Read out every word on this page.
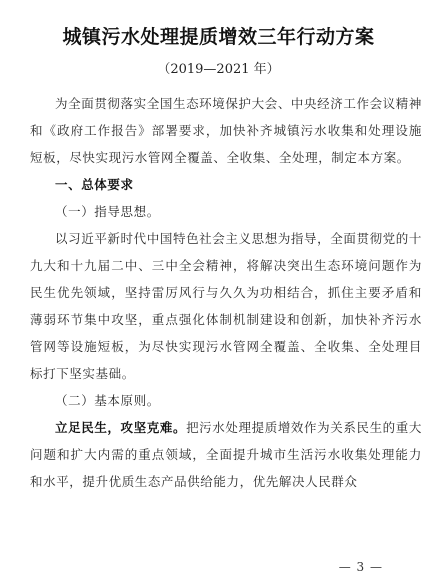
城镇污水处理提质增效三年行动方案
（2019—2021 年）

为全面贯彻落实全国生态环境保护大会、中央经济工作会议精神和《政府工作报告》部署要求，加快补齐城镇污水收集和处理设施短板，尽快实现污水管网全覆盖、全收集、全处理，制定本方案。

一、总体要求

（一）指导思想。

以习近平新时代中国特色社会主义思想为指导，全面贯彻党的十九大和十九届二中、三中全会精神，将解决突出生态环境问题作为民生优先领域，坚持雷厉风行与久久为功相结合，抓住主要矛盾和薄弱环节集中攻坚，重点强化体制机制建设和创新，加快补齐污水管网等设施短板，为尽快实现污水管网全覆盖、全收集、全处理目标打下坚实基础。

（二）基本原则。

立足民生，攻坚克难。把污水处理提质增效作为关系民生的重大问题和扩大内需的重点领域，全面提升城市生活污水收集处理能力和水平，提升优质生态产品供给能力，优先解决人民群众

— 3 —
